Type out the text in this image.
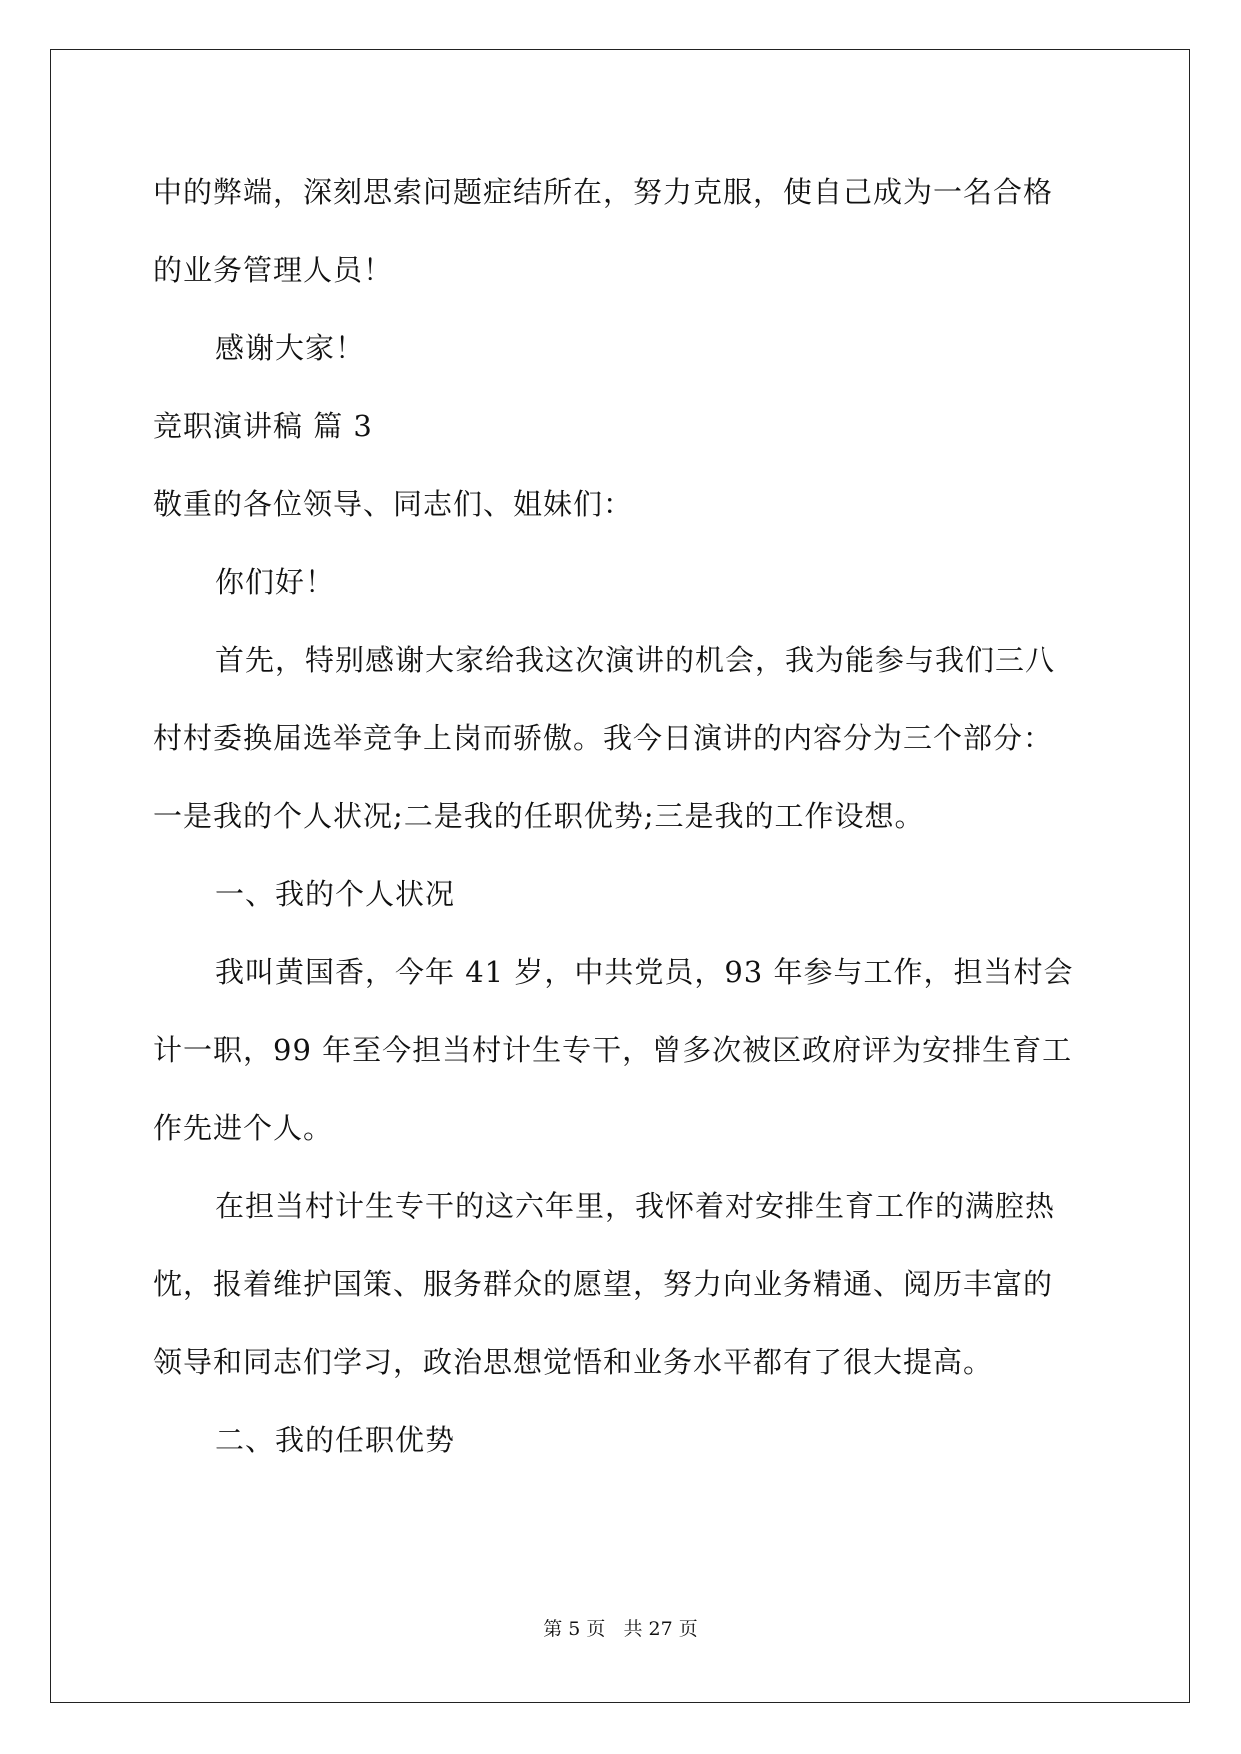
中的弊端，深刻思索问题症结所在，努力克服，使自己成为一名合格
的业务管理人员！
感谢大家！
竞职演讲稿 篇 3
敬重的各位领导、同志们、姐妹们：
你们好！
首先，特别感谢大家给我这次演讲的机会，我为能参与我们三八
村村委换届选举竞争上岗而骄傲。我今日演讲的内容分为三个部分：
一是我的个人状况;二是我的任职优势;三是我的工作设想。
一、我的个人状况
我叫黄国香，今年 41 岁，中共党员，93 年参与工作，担当村会
计一职，99 年至今担当村计生专干，曾多次被区政府评为安排生育工
作先进个人。
在担当村计生专干的这六年里，我怀着对安排生育工作的满腔热
忱，报着维护国策、服务群众的愿望，努力向业务精通、阅历丰富的
领导和同志们学习，政治思想觉悟和业务水平都有了很大提高。
二、我的任职优势
第 5 页   共 27 页
